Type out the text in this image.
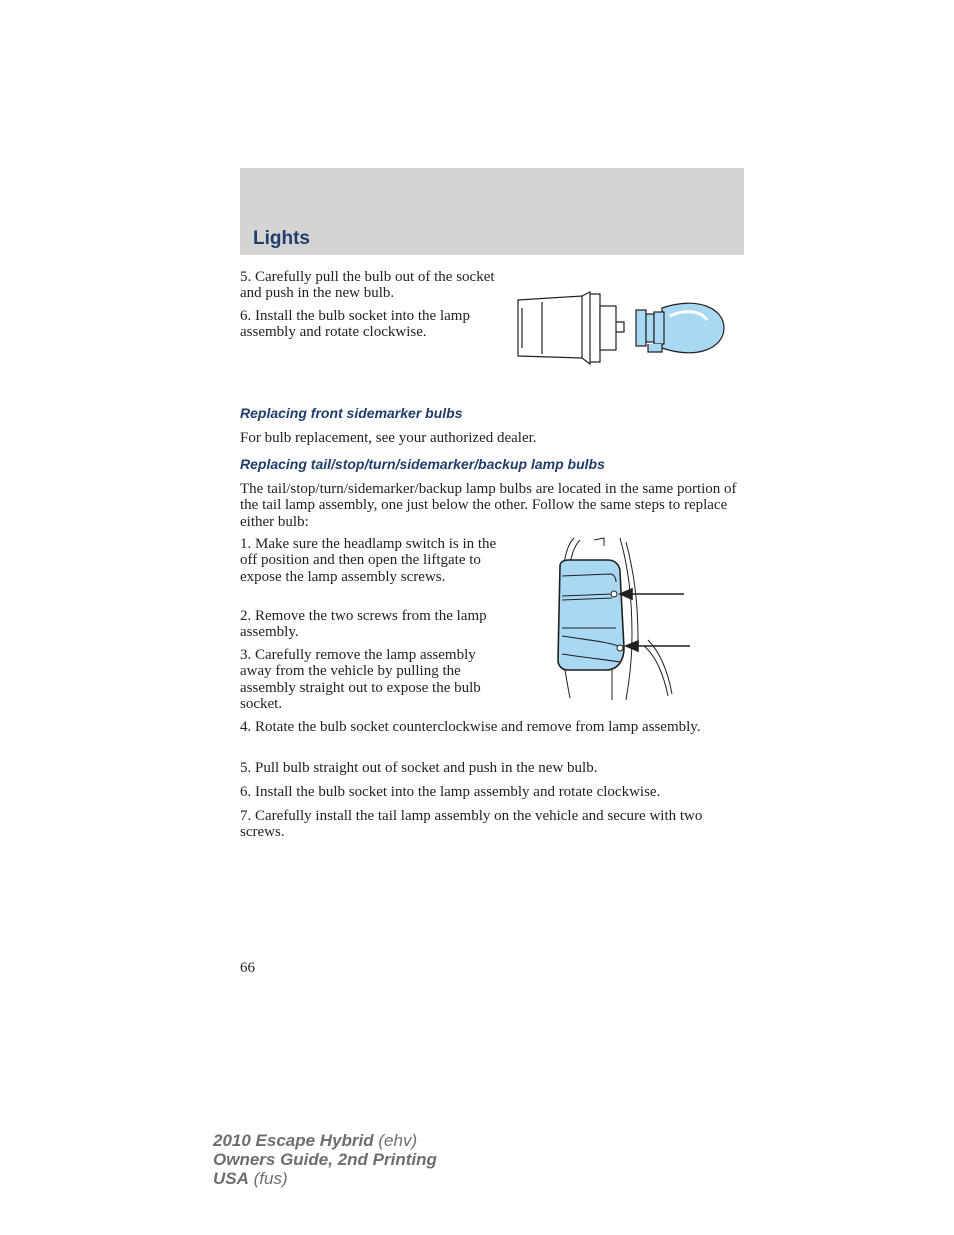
Lights
5. Carefully pull the bulb out of the socket and push in the new bulb.
6. Install the bulb socket into the lamp assembly and rotate clockwise.
Replacing front sidemarker bulbs
For bulb replacement, see your authorized dealer.
Replacing tail/stop/turn/sidemarker/backup lamp bulbs
The tail/stop/turn/sidemarker/backup lamp bulbs are located in the same portion of the tail lamp assembly, one just below the other. Follow the same steps to replace either bulb:
1. Make sure the headlamp switch is in the off position and then open the liftgate to expose the lamp assembly screws.
2. Remove the two screws from the lamp assembly.
3. Carefully remove the lamp assembly away from the vehicle by pulling the assembly straight out to expose the bulb socket.
4. Rotate the bulb socket counterclockwise and remove from lamp assembly.
5. Pull bulb straight out of socket and push in the new bulb.
6. Install the bulb socket into the lamp assembly and rotate clockwise.
7. Carefully install the tail lamp assembly on the vehicle and secure with two screws.
66
2010 Escape Hybrid (ehv)
Owners Guide, 2nd Printing
USA (fus)
